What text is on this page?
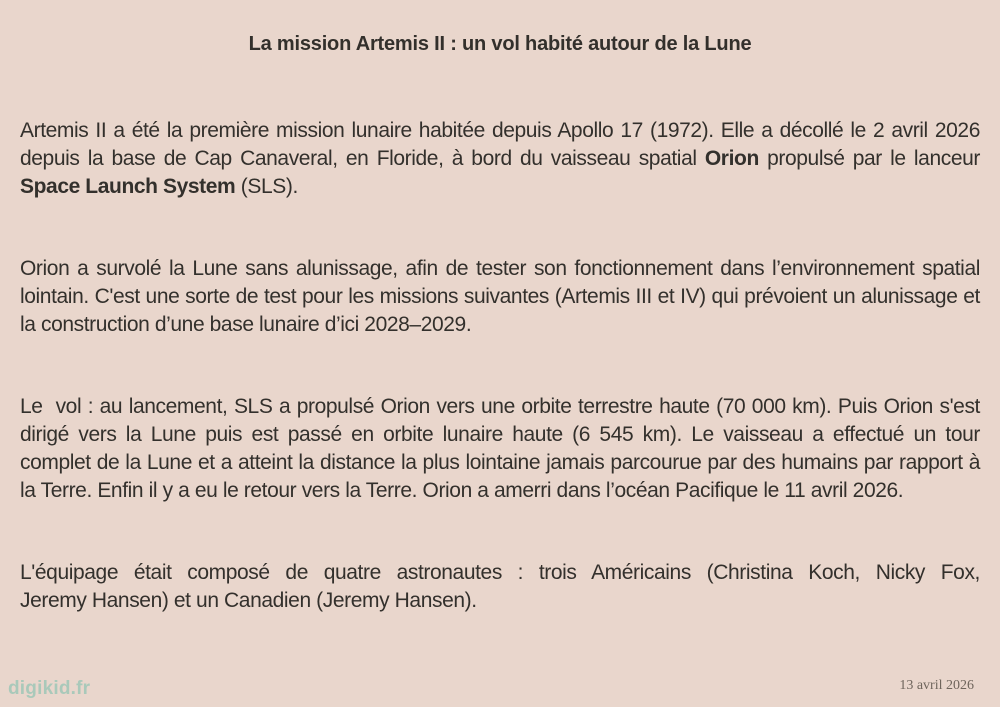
La mission Artemis II : un vol habité autour de la Lune

Artemis II a été la première mission lunaire habitée depuis Apollo 17 (1972). Elle a décollé le 2 avril 2026 depuis la base de Cap Canaveral, en Floride, à bord du vaisseau spatial Orion propulsé par le lanceur Space Launch System (SLS).

Orion a survolé la Lune sans alunissage, afin de tester son fonctionnement dans l’environnement spatial lointain. C'est une sorte de test pour les missions suivantes (Artemis III et IV) qui prévoient un alunissage et la construction d’une base lunaire d’ici 2028–2029.

Le  vol : au lancement, SLS a propulsé Orion vers une orbite terrestre haute (70 000 km). Puis Orion s'est dirigé vers la Lune puis est passé en orbite lunaire haute (6 545 km). Le vaisseau a effectué un tour complet de la Lune et a atteint la distance la plus lointaine jamais parcourue par des humains par rapport à la Terre. Enfin il y a eu le retour vers la Terre. Orion a amerri dans l’océan Pacifique le 11 avril 2026.

L'équipage était composé de quatre astronautes : trois Américains (Christina Koch, Nicky Fox, Jeremy Hansen) et un Canadien (Jeremy Hansen).

digikid.fr	13 avril 2026
